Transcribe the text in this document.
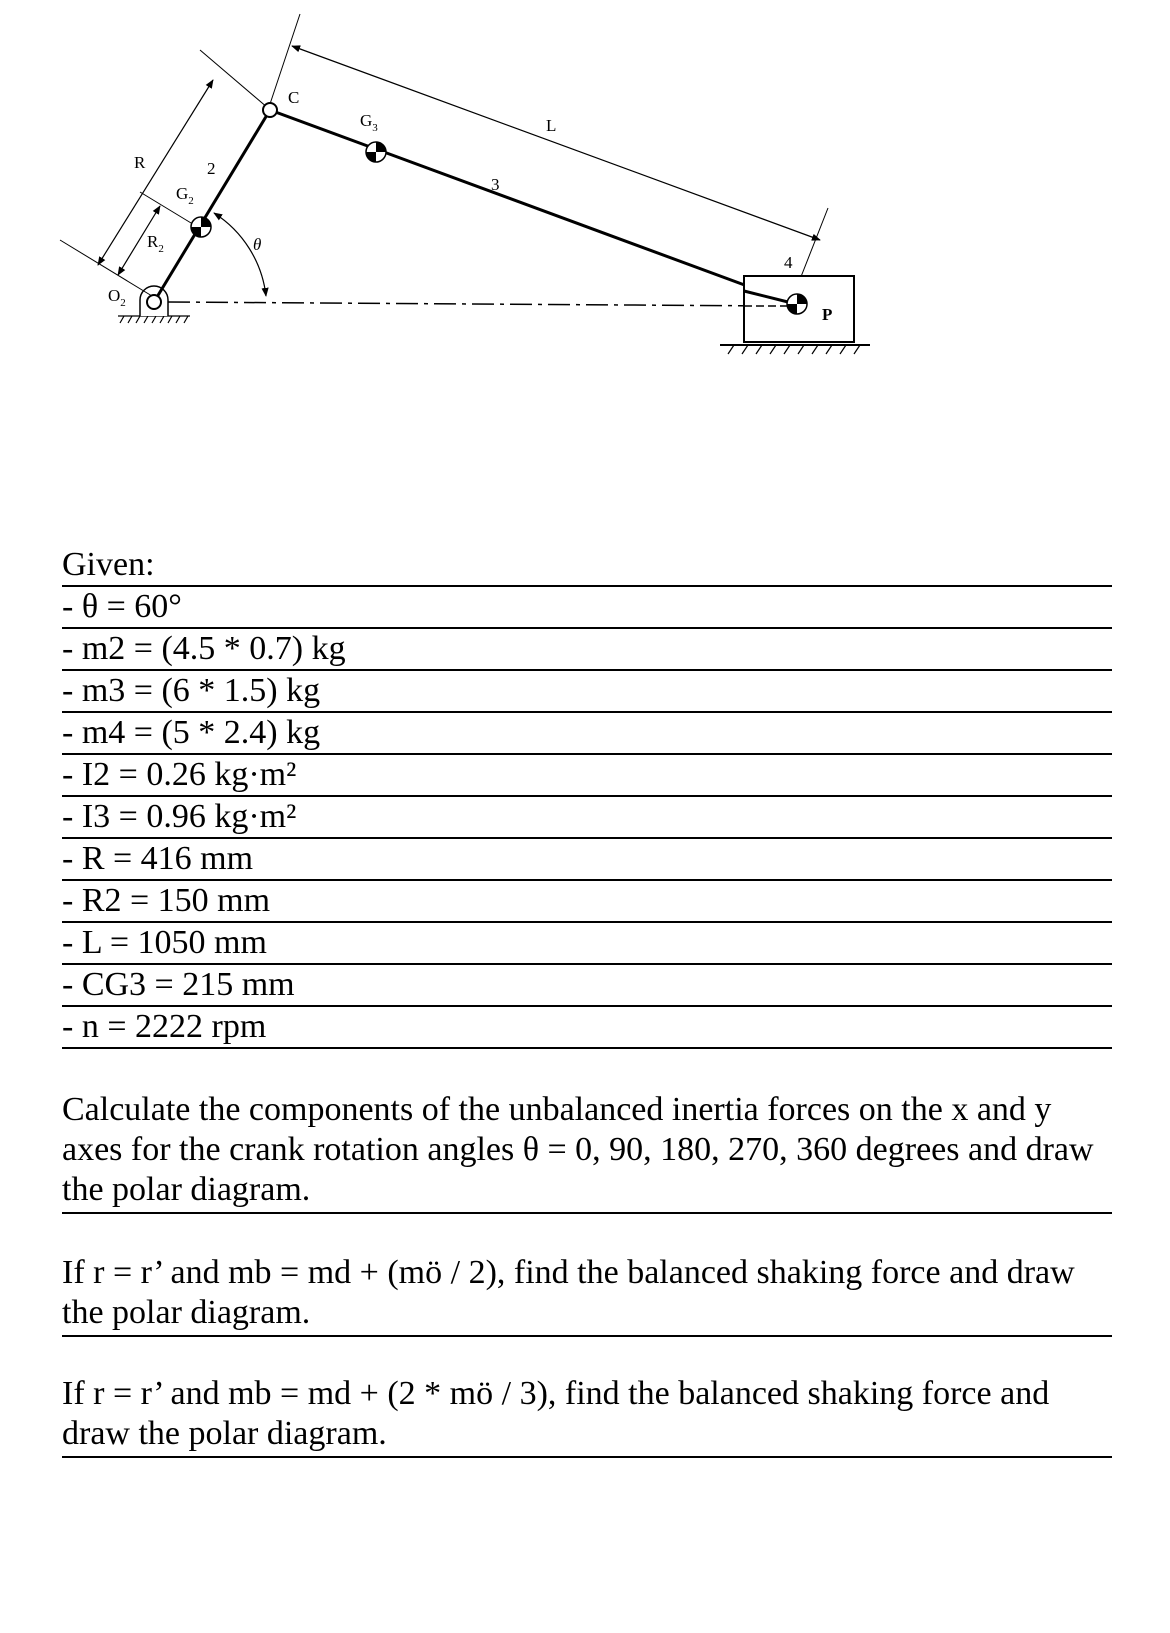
R	2
$G_2$
$R_2$
$O_2$
C
θ
$G_3$
3
L
4
P
Given:
- θ = 60°
- m2 = (4.5 * 0.7) kg
- m3 = (6 * 1.5) kg
- m4 = (5 * 2.4) kg
- I2 = 0.26 kg·m²
- I3 = 0.96 kg·m²
- R = 416 mm
- R2 = 150 mm
- L = 1050 mm
- CG3 = 215 mm
- n = 2222 rpm
Calculate the components of the unbalanced inertia forces on the x and y axes for the crank rotation angles θ = 0, 90, 180, 270, 360 degrees and draw the polar diagram.
If r = r’ and mb = md + (mö / 2), find the balanced shaking force and draw the polar diagram.
If r = r’ and mb = md + (2 * mö / 3), find the balanced shaking force and draw the polar diagram.
